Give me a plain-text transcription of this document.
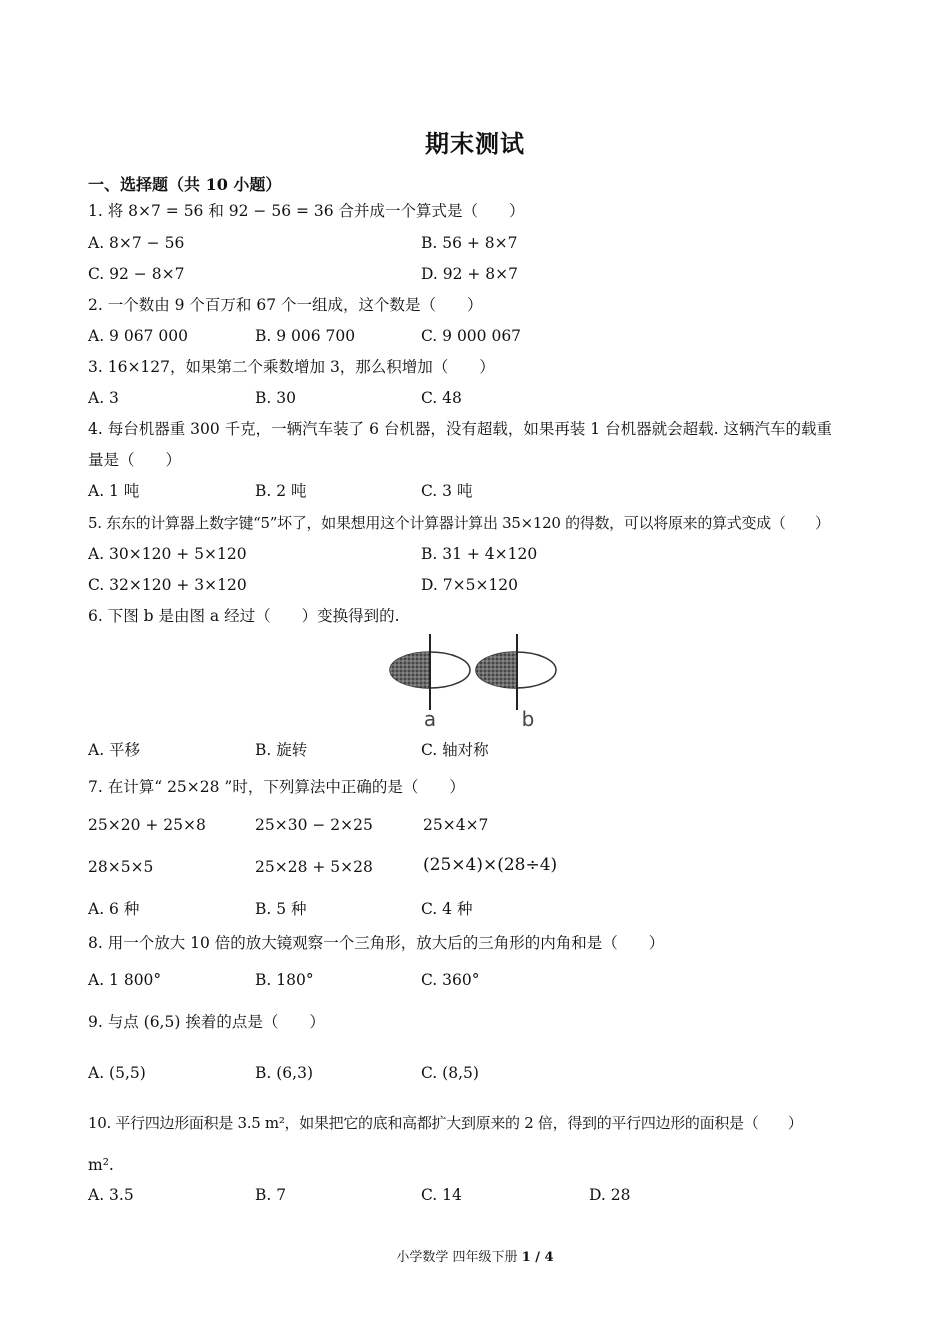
期末测试
一、选择题（共 10 小题）
1. 将 8×7 = 56 和 92 − 56 = 36 合并成一个算式是（　　）
A. 8×7 − 56	B. 56 + 8×7
C. 92 − 8×7	D. 92 + 8×7
2. 一个数由 9 个百万和 67 个一组成，这个数是（　　）
A. 9 067 000	B. 9 006 700	C. 9 000 067
3. 16×127，如果第二个乘数增加 3，那么积增加（　　）
A. 3	B. 30	C. 48
4. 每台机器重 300 千克，一辆汽车装了 6 台机器，没有超载，如果再装 1 台机器就会超载. 这辆汽车的载重
量是（　　）
A. 1 吨	B. 2 吨	C. 3 吨
5. 东东的计算器上数字键“5”坏了，如果想用这个计算器计算出 35×120 的得数，可以将原来的算式变成（　　）
A. 30×120 + 5×120	B. 31 + 4×120
C. 32×120 + 3×120	D. 7×5×120
6. 下图 b 是由图 a 经过（　　）变换得到的.
a	b
A. 平移	B. 旋转	C. 轴对称
7. 在计算“ 25×28 ”时，下列算法中正确的是（　　）
25×20 + 25×8	25×30 − 2×25	25×4×7
28×5×5	25×28 + 5×28	(25×4)×(28÷4)
A. 6 种	B. 5 种	C. 4 种
8. 用一个放大 10 倍的放大镜观察一个三角形，放大后的三角形的内角和是（　　）
A. 1 800°	B. 180°	C. 360°
9. 与点 (6,5) 挨着的点是（　　）
A. (5,5)	B. (6,3)	C. (8,5)
10. 平行四边形面积是 3.5 m²，如果把它的底和高都扩大到原来的 2 倍，得到的平行四边形的面积是（　　）
m².
A. 3.5	B. 7	C. 14	D. 28
小学数学 四年级下册 1 / 4
